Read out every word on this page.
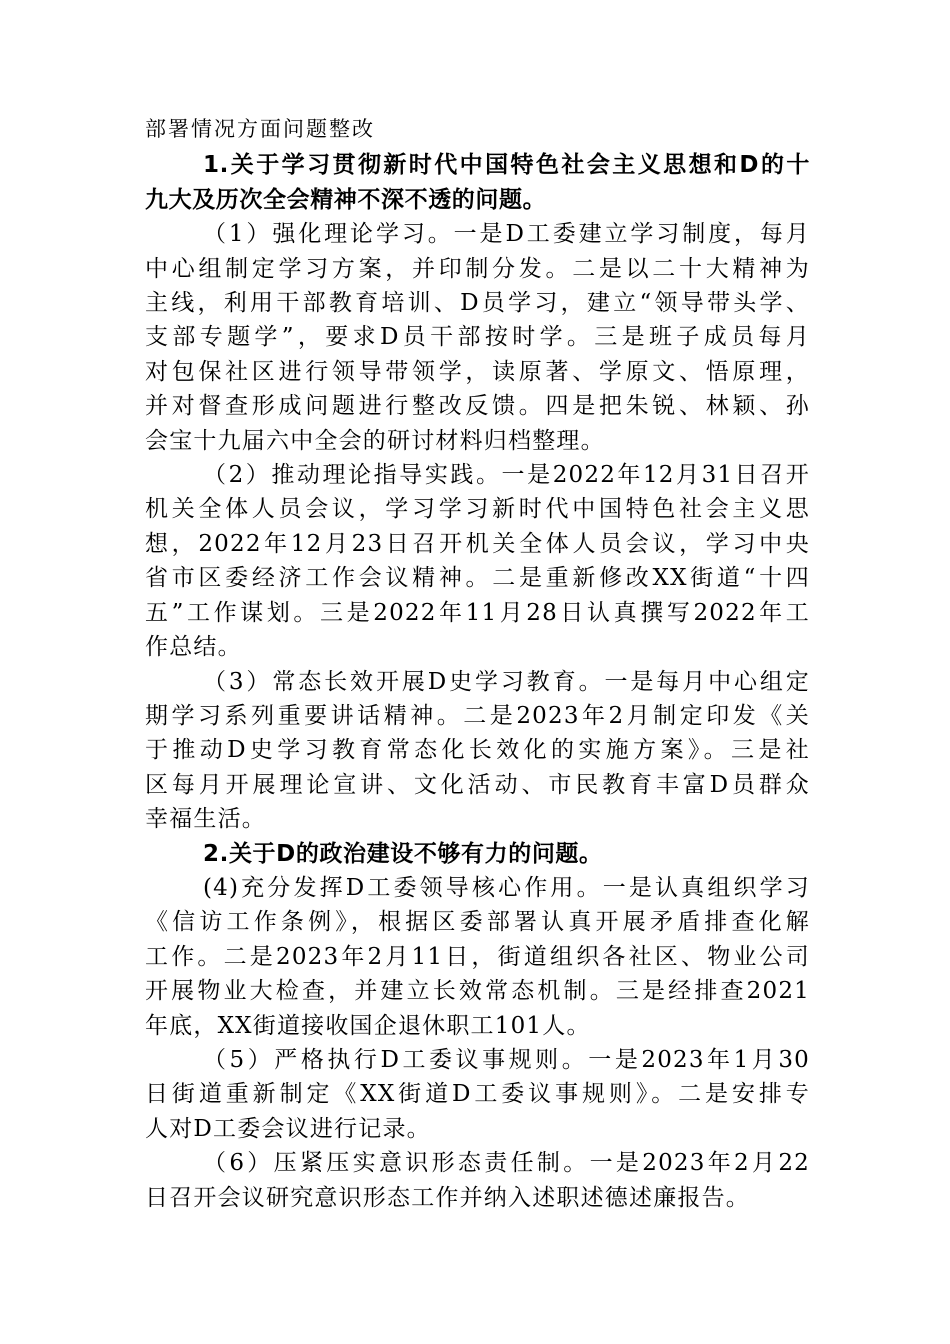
部署情况方面问题整改
1.关于学习贯彻新时代中国特色社会主义思想和D的十
九大及历次全会精神不深不透的问题。
（1）强化理论学习。一是D工委建立学习制度，每月
中心组制定学习方案，并印制分发。二是以二十大精神为
主线，利用干部教育培训、D员学习，建立“领导带头学、
支部专题学”，要求D员干部按时学。三是班子成员每月
对包保社区进行领导带领学，读原著、学原文、悟原理，
并对督查形成问题进行整改反馈。四是把朱锐、林颖、孙
会宝十九届六中全会的研讨材料归档整理。
（2）推动理论指导实践。一是2022年12月31日召开
机关全体人员会议，学习学习新时代中国特色社会主义思
想，2022年12月23日召开机关全体人员会议，学习中央
省市区委经济工作会议精神。二是重新修改XX街道“十四
五”工作谋划。三是2022年11月28日认真撰写2022年工
作总结。
（3）常态长效开展D史学习教育。一是每月中心组定
期学习系列重要讲话精神。二是2023年2月制定印发《关
于推动D史学习教育常态化长效化的实施方案》。三是社
区每月开展理论宣讲、文化活动、市民教育丰富D员群众
幸福生活。
2.关于D的政治建设不够有力的问题。
(4)充分发挥D工委领导核心作用。一是认真组织学习
《信访工作条例》，根据区委部署认真开展矛盾排查化解
工作。二是2023年2月11日，街道组织各社区、物业公司
开展物业大检查，并建立长效常态机制。三是经排查2021
年底，XX街道接收国企退休职工101人。
（5）严格执行D工委议事规则。一是2023年1月30
日街道重新制定《XX街道D工委议事规则》。二是安排专
人对D工委会议进行记录。
（6）压紧压实意识形态责任制。一是2023年2月22
日召开会议研究意识形态工作并纳入述职述德述廉报告。
